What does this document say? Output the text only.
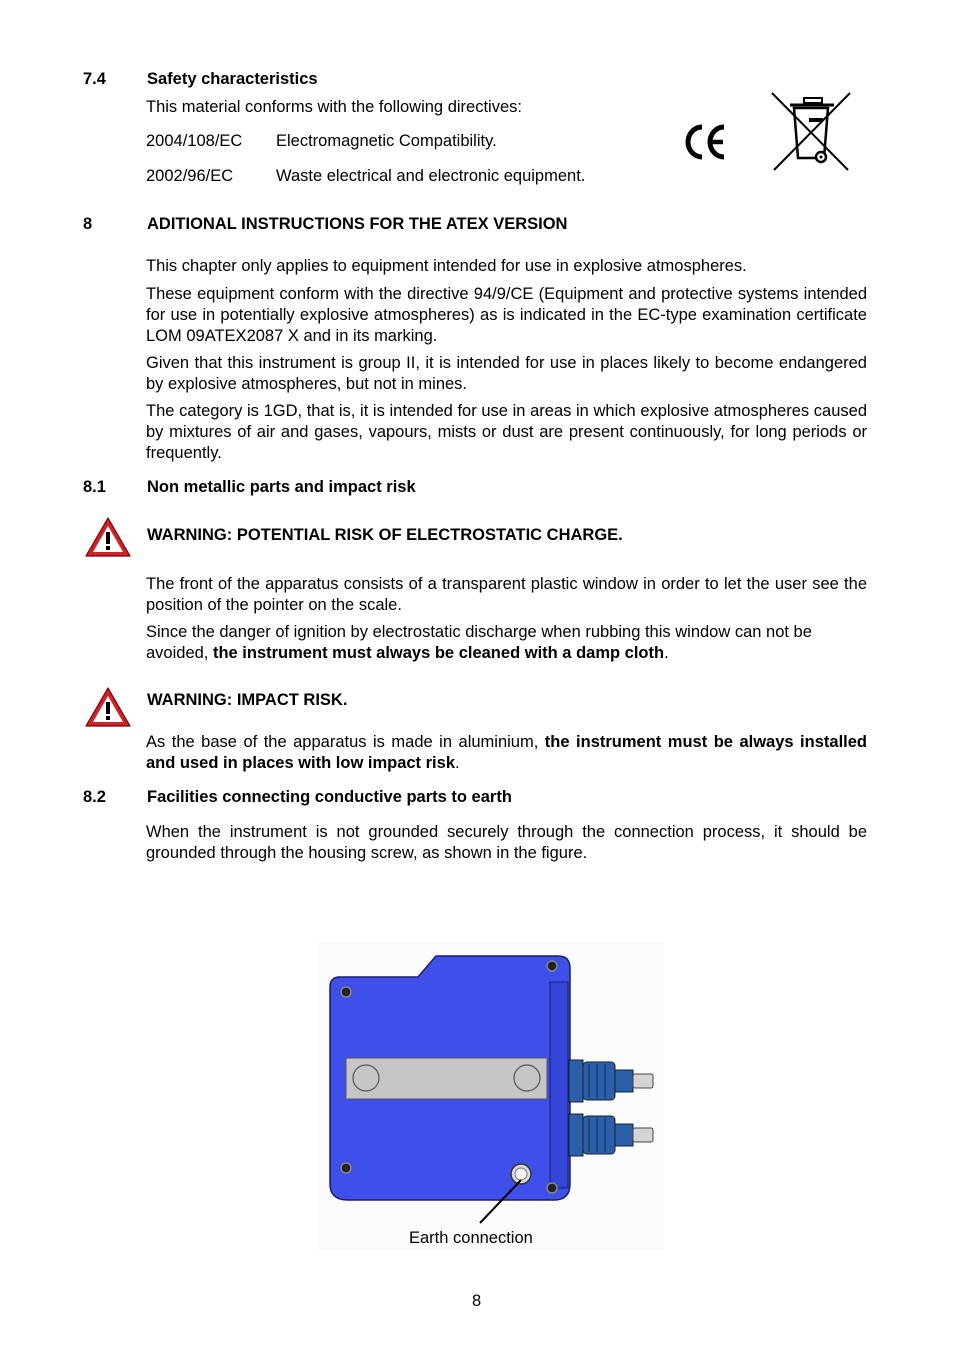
7.4 Safety characteristics
This material conforms with the following directives:
2004/108/EC Electromagnetic Compatibility.
2002/96/EC	Waste electrical and electronic equipment.
8	ADITIONAL INSTRUCTIONS FOR THE ATEX VERSION
This chapter only applies to equipment intended for use in explosive atmospheres.
These equipment conform with the directive 94/9/CE (Equipment and protective systems intended for use in potentially explosive atmospheres) as is indicated in the EC-type examination certificate LOM 09ATEX2087 X and in its marking.
Given that this instrument is group II, it is intended for use in places likely to become endangered by explosive atmospheres, but not in mines.
The category is 1GD, that is, it is intended for use in areas in which explosive atmospheres caused by mixtures of air and gases, vapours, mists or dust are present continuously, for long periods or frequently.
8.1 Non metallic parts and impact risk
WARNING: POTENTIAL RISK OF ELECTROSTATIC CHARGE.
The front of the apparatus consists of a transparent plastic window in order to let the user see the position of the pointer on the scale.
Since the danger of ignition by electrostatic discharge when rubbing this window can not be avoided, the instrument must always be cleaned with a damp cloth.
WARNING: IMPACT RISK.
As the base of the apparatus is made in aluminium, the instrument must be always installed and used in places with low impact risk.
8.2 Facilities connecting conductive parts to earth
When the instrument is not grounded securely through the connection process, it should be grounded through the housing screw, as shown in the figure.
Earth connection
8
